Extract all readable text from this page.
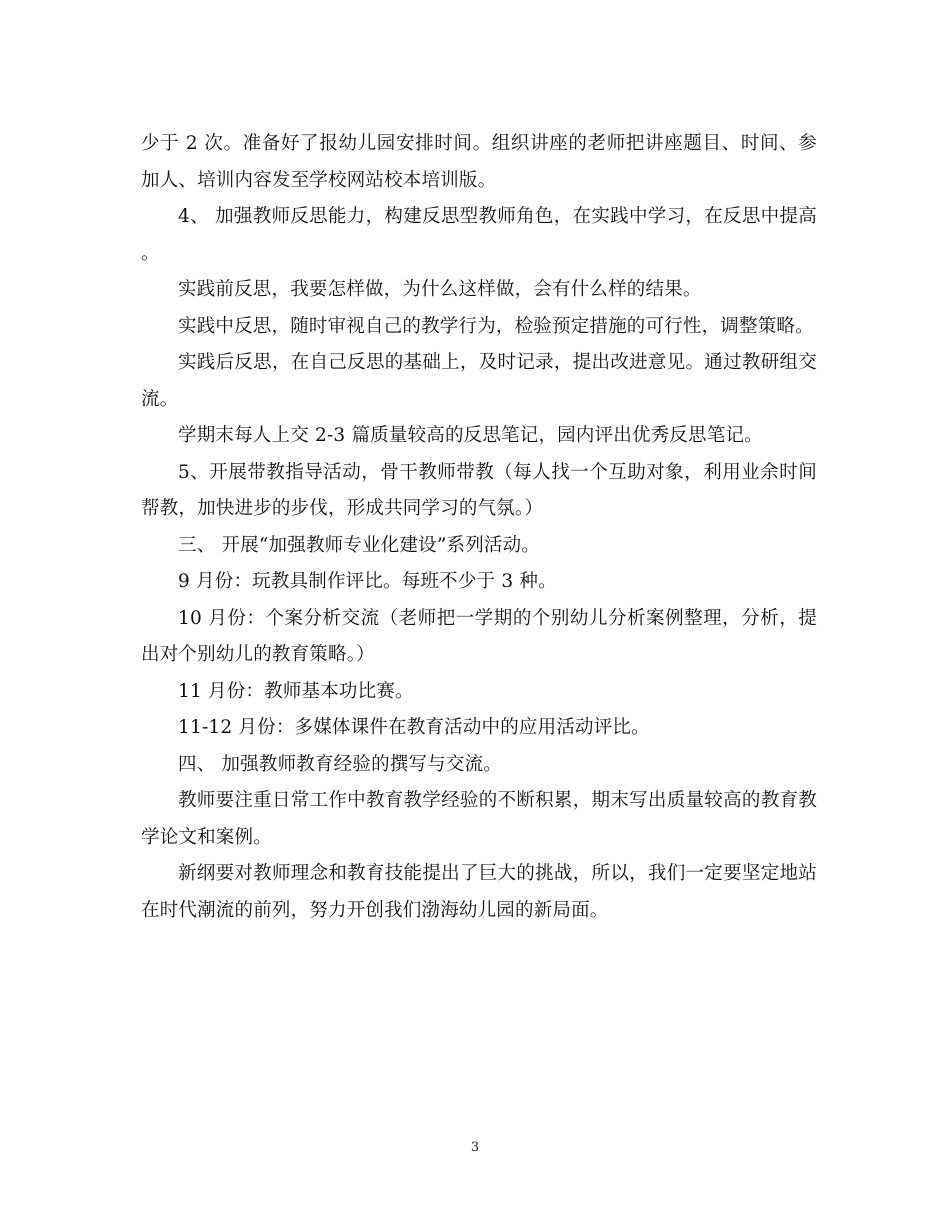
少于 2 次。准备好了报幼儿园安排时间。组织讲座的老师把讲座题目、时间、参加人、培训内容发至学校网站校本培训版。

4、 加强教师反思能力，构建反思型教师角色，在实践中学习，在反思中提高。

实践前反思，我要怎样做，为什么这样做，会有什么样的结果。

实践中反思，随时审视自己的教学行为，检验预定措施的可行性，调整策略。

实践后反思，在自己反思的基础上，及时记录，提出改进意见。通过教研组交流。

学期末每人上交 2-3 篇质量较高的反思笔记，园内评出优秀反思笔记。

5、开展带教指导活动，骨干教师带教（每人找一个互助对象，利用业余时间帮教，加快进步的步伐，形成共同学习的气氛。）

三、 开展“加强教师专业化建设”系列活动。

9 月份：玩教具制作评比。每班不少于 3 种。

10 月份：个案分析交流（老师把一学期的个别幼儿分析案例整理，分析，提出对个别幼儿的教育策略。）

11 月份：教师基本功比赛。

11-12 月份：多媒体课件在教育活动中的应用活动评比。

四、 加强教师教育经验的撰写与交流。

教师要注重日常工作中教育教学经验的不断积累，期末写出质量较高的教育教学论文和案例。

新纲要对教师理念和教育技能提出了巨大的挑战，所以，我们一定要坚定地站在时代潮流的前列，努力开创我们渤海幼儿园的新局面。

3
